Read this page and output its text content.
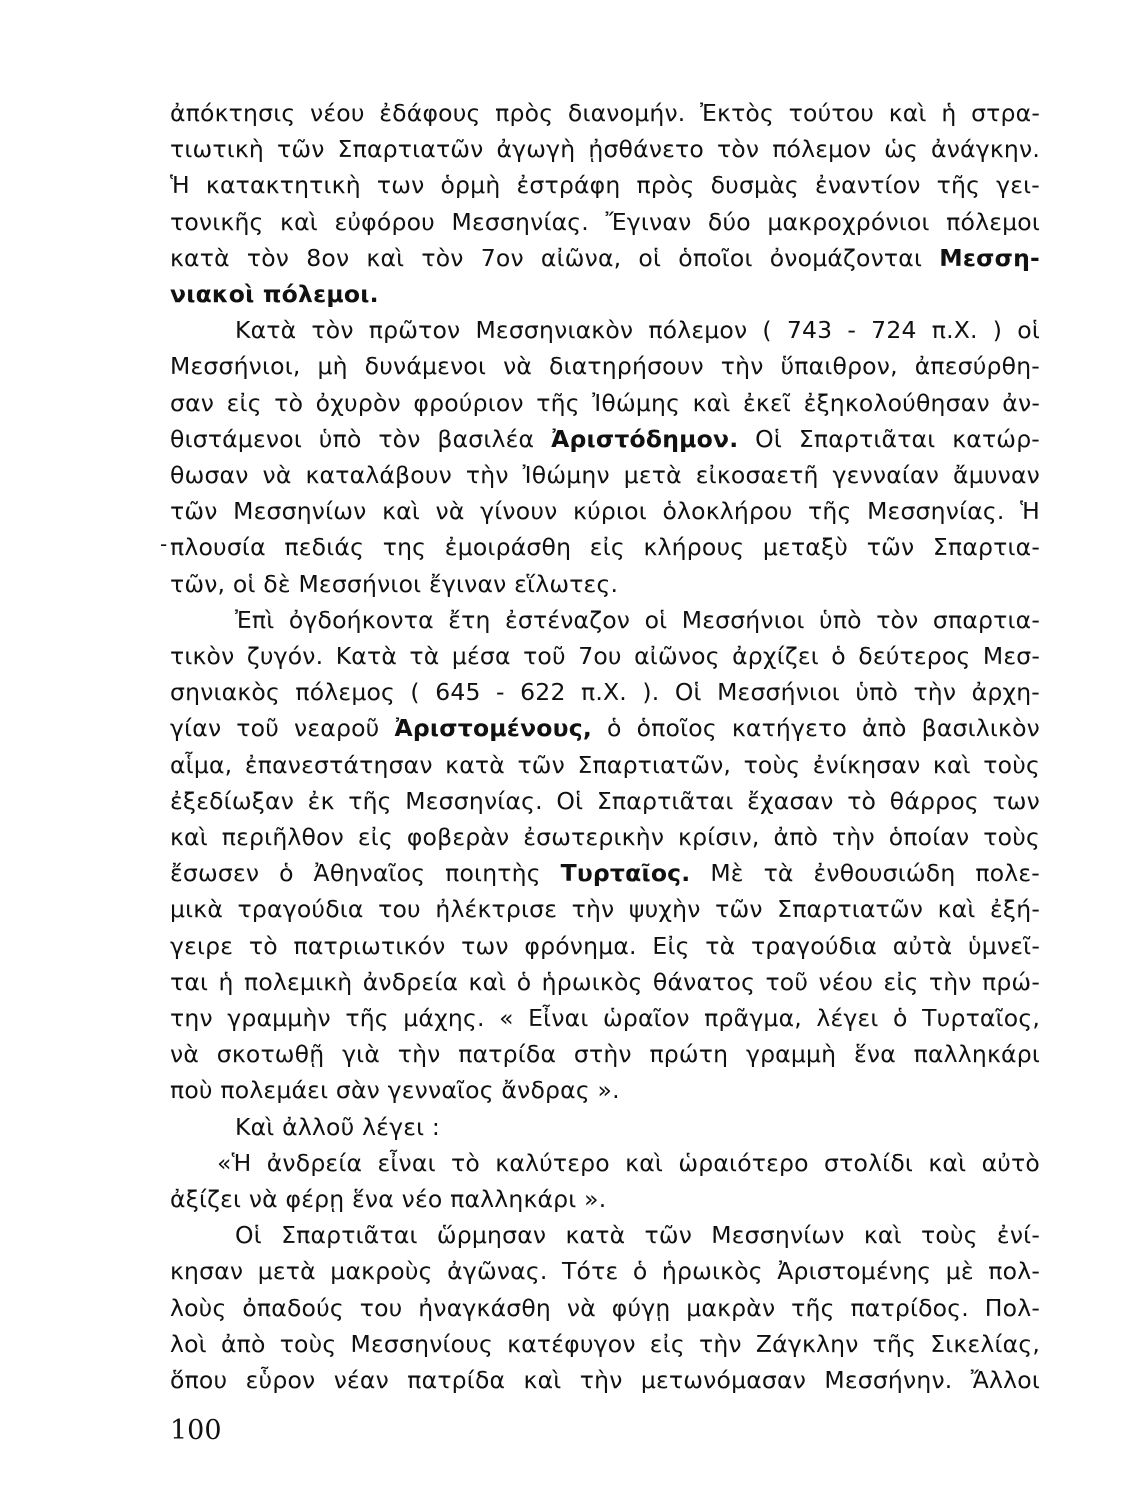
ἀπόκτησις νέου ἐδάφους πρὸς διανομήν. Ἐκτὸς τούτου καὶ ἡ στρα-
τιωτικὴ τῶν Σπαρτιατῶν ἀγωγὴ ᾐσθάνετο τὸν πόλεμον ὡς ἀνάγκην.
Ἡ κατακτητικὴ των ὁρμὴ ἐστράφη πρὸς δυσμὰς ἐναντίον τῆς γει-
τονικῆς καὶ εὐφόρου Μεσσηνίας. Ἔγιναν δύο μακροχρόνιοι πόλεμοι
κατὰ τὸν 8ον καὶ τὸν 7ον αἰῶνα, οἱ ὁποῖοι ὀνομάζονται Μεσση-
νιακοὶ πόλεμοι.
Κατὰ τὸν πρῶτον Μεσσηνιακὸν πόλεμον ( 743 - 724 π.Χ. ) οἱ
Μεσσήνιοι, μὴ δυνάμενοι νὰ διατηρήσουν τὴν ὕπαιθρον, ἀπεσύρθη-
σαν εἰς τὸ ὀχυρὸν φρούριον τῆς Ἰθώμης καὶ ἐκεῖ ἐξηκολούθησαν ἀν-
θιστάμενοι ὑπὸ τὸν βασιλέα Ἀριστόδημον. Οἱ Σπαρτιᾶται κατώρ-
θωσαν νὰ καταλάβουν τὴν Ἰθώμην μετὰ εἰκοσαετῆ γενναίαν ἄμυναν
τῶν Μεσσηνίων καὶ νὰ γίνουν κύριοι ὁλοκλήρου τῆς Μεσσηνίας. Ἡ
- πλουσία πεδιάς της ἐμοιράσθη εἰς κλήρους μεταξὺ τῶν Σπαρτια-
τῶν, οἱ δὲ Μεσσήνιοι ἔγιναν εἵλωτες.
Ἐπὶ ὀγδοήκοντα ἔτη ἐστέναζον οἱ Μεσσήνιοι ὑπὸ τὸν σπαρτια-
τικὸν ζυγόν. Κατὰ τὰ μέσα τοῦ 7ου αἰῶνος ἀρχίζει ὁ δεύτερος Μεσ-
σηνιακὸς πόλεμος ( 645 - 622 π.Χ. ). Οἱ Μεσσήνιοι ὑπὸ τὴν ἀρχη-
γίαν τοῦ νεαροῦ Ἀριστομένους, ὁ ὁποῖος κατήγετο ἀπὸ βασιλικὸν
αἷμα, ἐπανεστάτησαν κατὰ τῶν Σπαρτιατῶν, τοὺς ἐνίκησαν καὶ τοὺς
ἐξεδίωξαν ἐκ τῆς Μεσσηνίας. Οἱ Σπαρτιᾶται ἔχασαν τὸ θάρρος των
καὶ περιῆλθον εἰς φοβερὰν ἐσωτερικὴν κρίσιν, ἀπὸ τὴν ὁποίαν τοὺς
ἔσωσεν ὁ Ἀθηναῖος ποιητὴς Τυρταῖος. Μὲ τὰ ἐνθουσιώδη πολε-
μικὰ τραγούδια του ἠλέκτρισε τὴν ψυχὴν τῶν Σπαρτιατῶν καὶ ἐξή-
γειρε τὸ πατριωτικόν των φρόνημα. Εἰς τὰ τραγούδια αὐτὰ ὑμνεῖ-
ται ἡ πολεμικὴ ἀνδρεία καὶ ὁ ἡρωικὸς θάνατος τοῦ νέου εἰς τὴν πρώ-
την γραμμὴν τῆς μάχης. « Εἶναι ὡραῖον πρᾶγμα, λέγει ὁ Τυρταῖος,
νὰ σκοτωθῇ γιὰ τὴν πατρίδα στὴν πρώτη γραμμὴ ἕνα παλληκάρι
ποὺ πολεμάει σὰν γενναῖος ἄνδρας ».
Καὶ ἀλλοῦ λέγει :
«Ἡ ἀνδρεία εἶναι τὸ καλύτερο καὶ ὡραιότερο στολίδι καὶ αὐτὸ
ἀξίζει νὰ φέρῃ ἕνα νέο παλληκάρι ».
Οἱ Σπαρτιᾶται ὥρμησαν κατὰ τῶν Μεσσηνίων καὶ τοὺς ἐνί-
κησαν μετὰ μακροὺς ἀγῶνας. Τότε ὁ ἡρωικὸς Ἀριστομένης μὲ πολ-
λοὺς ὀπαδούς του ἠναγκάσθη νὰ φύγῃ μακρὰν τῆς πατρίδος. Πολ-
λοὶ ἀπὸ τοὺς Μεσσηνίους κατέφυγον εἰς τὴν Ζάγκλην τῆς Σικελίας,
100
ὅπου εὗρον νέαν πατρίδα καὶ τὴν μετωνόμασαν Μεσσήνην. Ἄλλοι
